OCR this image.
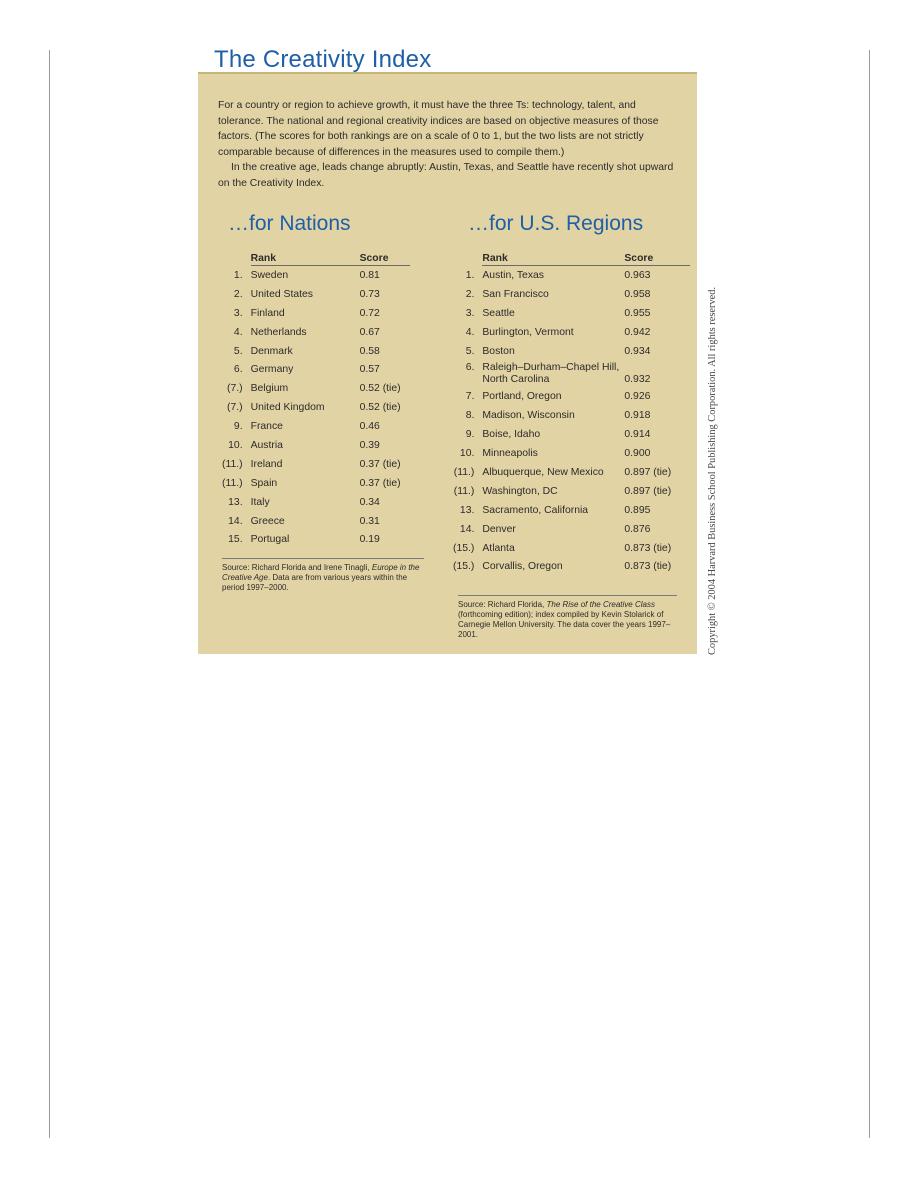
The Creativity Index

For a country or region to achieve growth, it must have the three Ts: technology, talent, and tolerance. The national and regional creativity indices are based on objective measures of those factors. (The scores for both rankings are on a scale of 0 to 1, but the two lists are not strictly comparable because of differences in the measures used to compile them.)

In the creative age, leads change abruptly: Austin, Texas, and Seattle have recently shot upward on the Creativity Index.

…for Nations	…for U.S. Regions
	Rank	Score
1.	Sweden	0.81
2.	United States	0.73
3.	Finland	0.72
4.	Netherlands	0.67
5.	Denmark	0.58
6.	Germany	0.57
(7.)	Belgium	0.52 (tie)
(7.)	United Kingdom	0.52 (tie)
9.	France	0.46
10.	Austria	0.39
(11.)	Ireland	0.37 (tie)
(11.)	Spain	0.37 (tie)
13.	Italy	0.34
14.	Greece	0.31
15.	Portugal	0.19
	Rank	Score
1.	Austin, Texas	0.963
2.	San Francisco	0.958
3.	Seattle	0.955
4.	Burlington, Vermont	0.942
5.	Boston	0.934
6.	Raleigh–Durham–Chapel Hill,
North Carolina	0.932
7.	Portland, Oregon	0.926
8.	Madison, Wisconsin	0.918
9.	Boise, Idaho	0.914
10.	Minneapolis	0.900
(11.)	Albuquerque, New Mexico	0.897 (tie)
(11.)	Washington, DC	0.897 (tie)
13.	Sacramento, California	0.895
14.	Denver	0.876
(15.)	Atlanta	0.873 (tie)
(15.)	Corvallis, Oregon	0.873 (tie)
Source: Richard Florida and Irene Tinagli, Europe in the Creative Age. Data are from various years within the period 1997–2000.
Source: Richard Florida, The Rise of the Creative Class (forthcoming edition); index compiled by Kevin Stolarick of Carnegie Mellon University. The data cover the years 1997–2001.	Copyright © 2004 Harvard Business School Publishing Corporation. All rights reserved.
